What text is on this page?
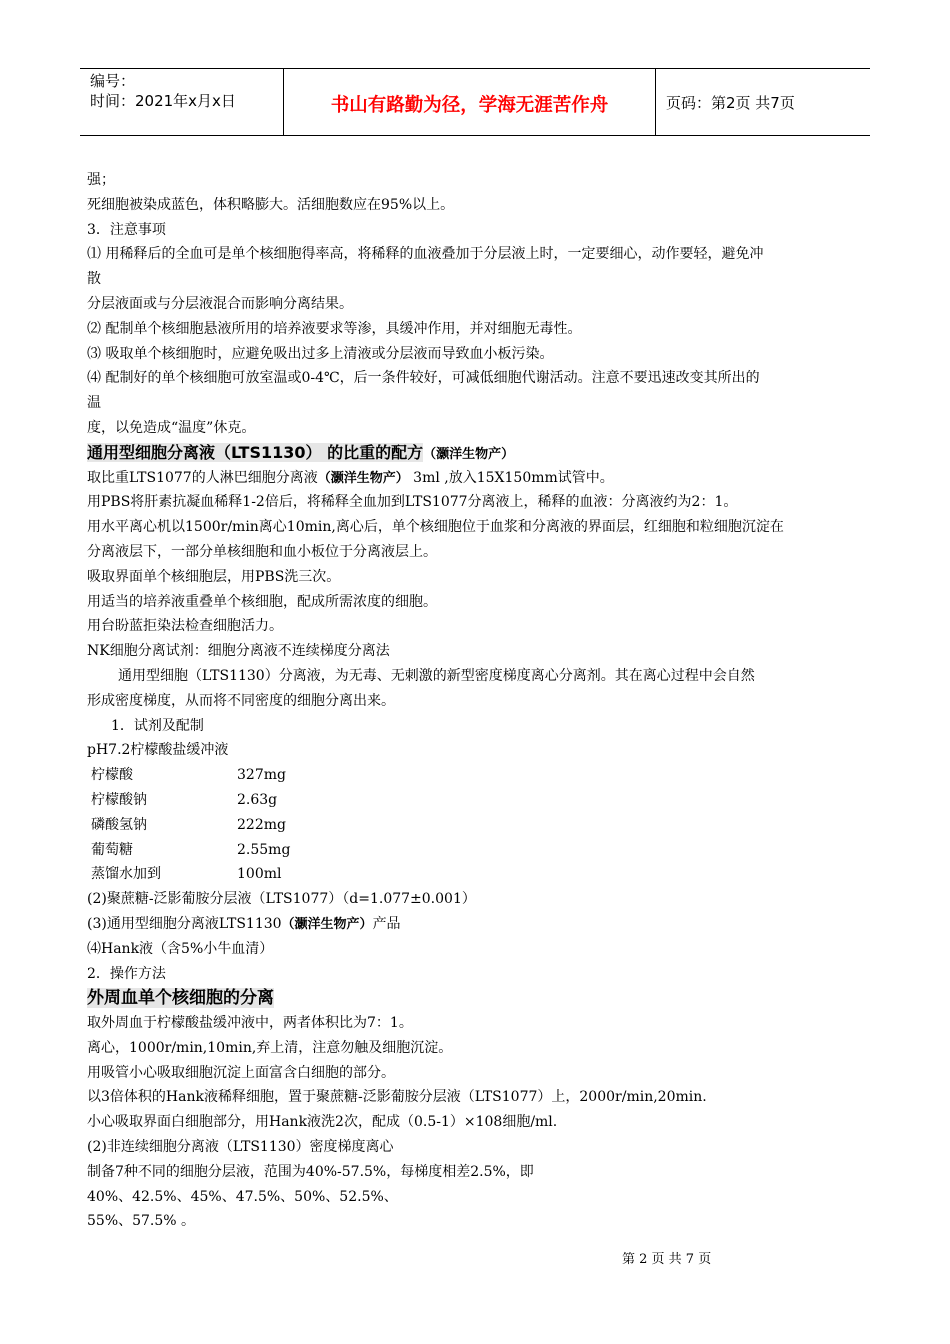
编号：
时间：2021年x月x日	书山有路勤为径，学海无涯苦作舟	页码：第2页 共7页
强；
死细胞被染成蓝色，体积略膨大。活细胞数应在95%以上。
3．注意事项
⑴ 用稀释后的全血可是单个核细胞得率高，将稀释的血液叠加于分层液上时，一定要细心，动作要轻，避免冲
散
分层液面或与分层液混合而影响分离结果。
⑵ 配制单个核细胞悬液所用的培养液要求等渗，具缓冲作用，并对细胞无毒性。
⑶ 吸取单个核细胞时，应避免吸出过多上清液或分层液而导致血小板污染。
⑷ 配制好的单个核细胞可放室温或0-4℃，后一条件较好，可减低细胞代谢活动。注意不要迅速改变其所出的
温
度，以免造成“温度”休克。
通用型细胞分离液（LTS1130） 的比重的配方（灏洋生物产）
取比重LTS1077的人淋巴细胞分离液（灏洋生物产） 3ml ,放入15X150mm试管中。
用PBS将肝素抗凝血稀释1-2倍后，将稀释全血加到LTS1077分离液上，稀释的血液：分离液约为2：1。
用水平离心机以1500r/min离心10min,离心后，单个核细胞位于血浆和分离液的界面层，红细胞和粒细胞沉淀在
分离液层下，一部分单核细胞和血小板位于分离液层上。
吸取界面单个核细胞层，用PBS洗三次。
用适当的培养液重叠单个核细胞，配成所需浓度的细胞。
用台盼蓝拒染法检查细胞活力。
NK细胞分离试剂：细胞分离液不连续梯度分离法
通用型细胞（LTS1130）分离液，为无毒、无刺激的新型密度梯度离心分离剂。其在离心过程中会自然
形成密度梯度，从而将不同密度的细胞分离出来。
1．试剂及配制
pH7.2柠檬酸盐缓冲液
柠檬酸	327mg
柠檬酸钠	2.63g
磷酸氢钠	222mg
葡萄糖	2.55mg
蒸馏水加到	100ml
(2)聚蔗糖-泛影葡胺分层液（LTS1077）（d=1.077±0.001）
(3)通用型细胞分离液LTS1130（灏洋生物产）产品
⑷Hank液（含5%小牛血清）
2．操作方法
外周血单个核细胞的分离
取外周血于柠檬酸盐缓冲液中，两者体积比为7：1。
离心，1000r/min,10min,弃上清，注意勿触及细胞沉淀。
用吸管小心吸取细胞沉淀上面富含白细胞的部分。
以3倍体积的Hank液稀释细胞，置于聚蔗糖-泛影葡胺分层液（LTS1077）上，2000r/min,20min.
小心吸取界面白细胞部分，用Hank液洗2次，配成（0.5-1）×108细胞/ml.
(2)非连续细胞分离液（LTS1130）密度梯度离心
制备7种不同的细胞分层液，范围为40%-57.5%，每梯度相差2.5%，即
40%、42.5%、45%、47.5%、50%、52.5%、
55%、57.5% 。
第 2 页 共 7 页
